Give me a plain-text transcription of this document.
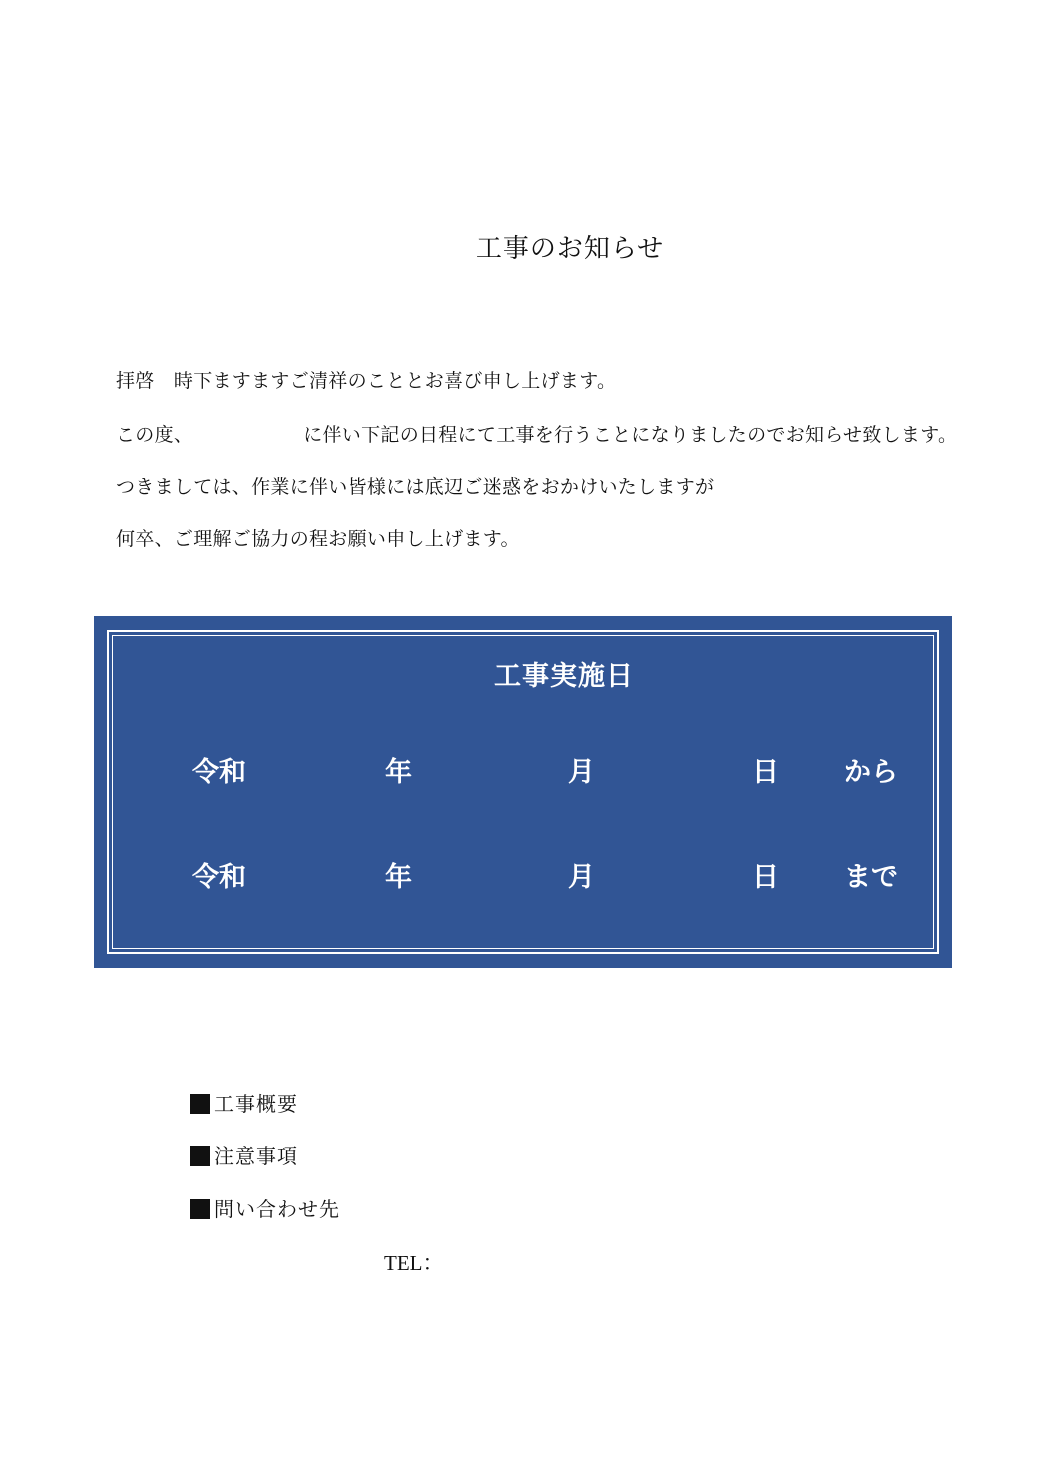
工事のお知らせ
拝啓　時下ますますご清祥のこととお喜び申し上げます。
この度、	に伴い下記の日程にて工事を行うことになりましたのでお知らせ致します。
つきましては、作業に伴い皆様には底辺ご迷惑をおかけいたしますが
何卒、ご理解ご協力の程お願い申し上げます。
工事実施日
令和	年	月	日 から
令和	年	月	日 まで
工事概要
注意事項
問い合わせ先
TEL：
